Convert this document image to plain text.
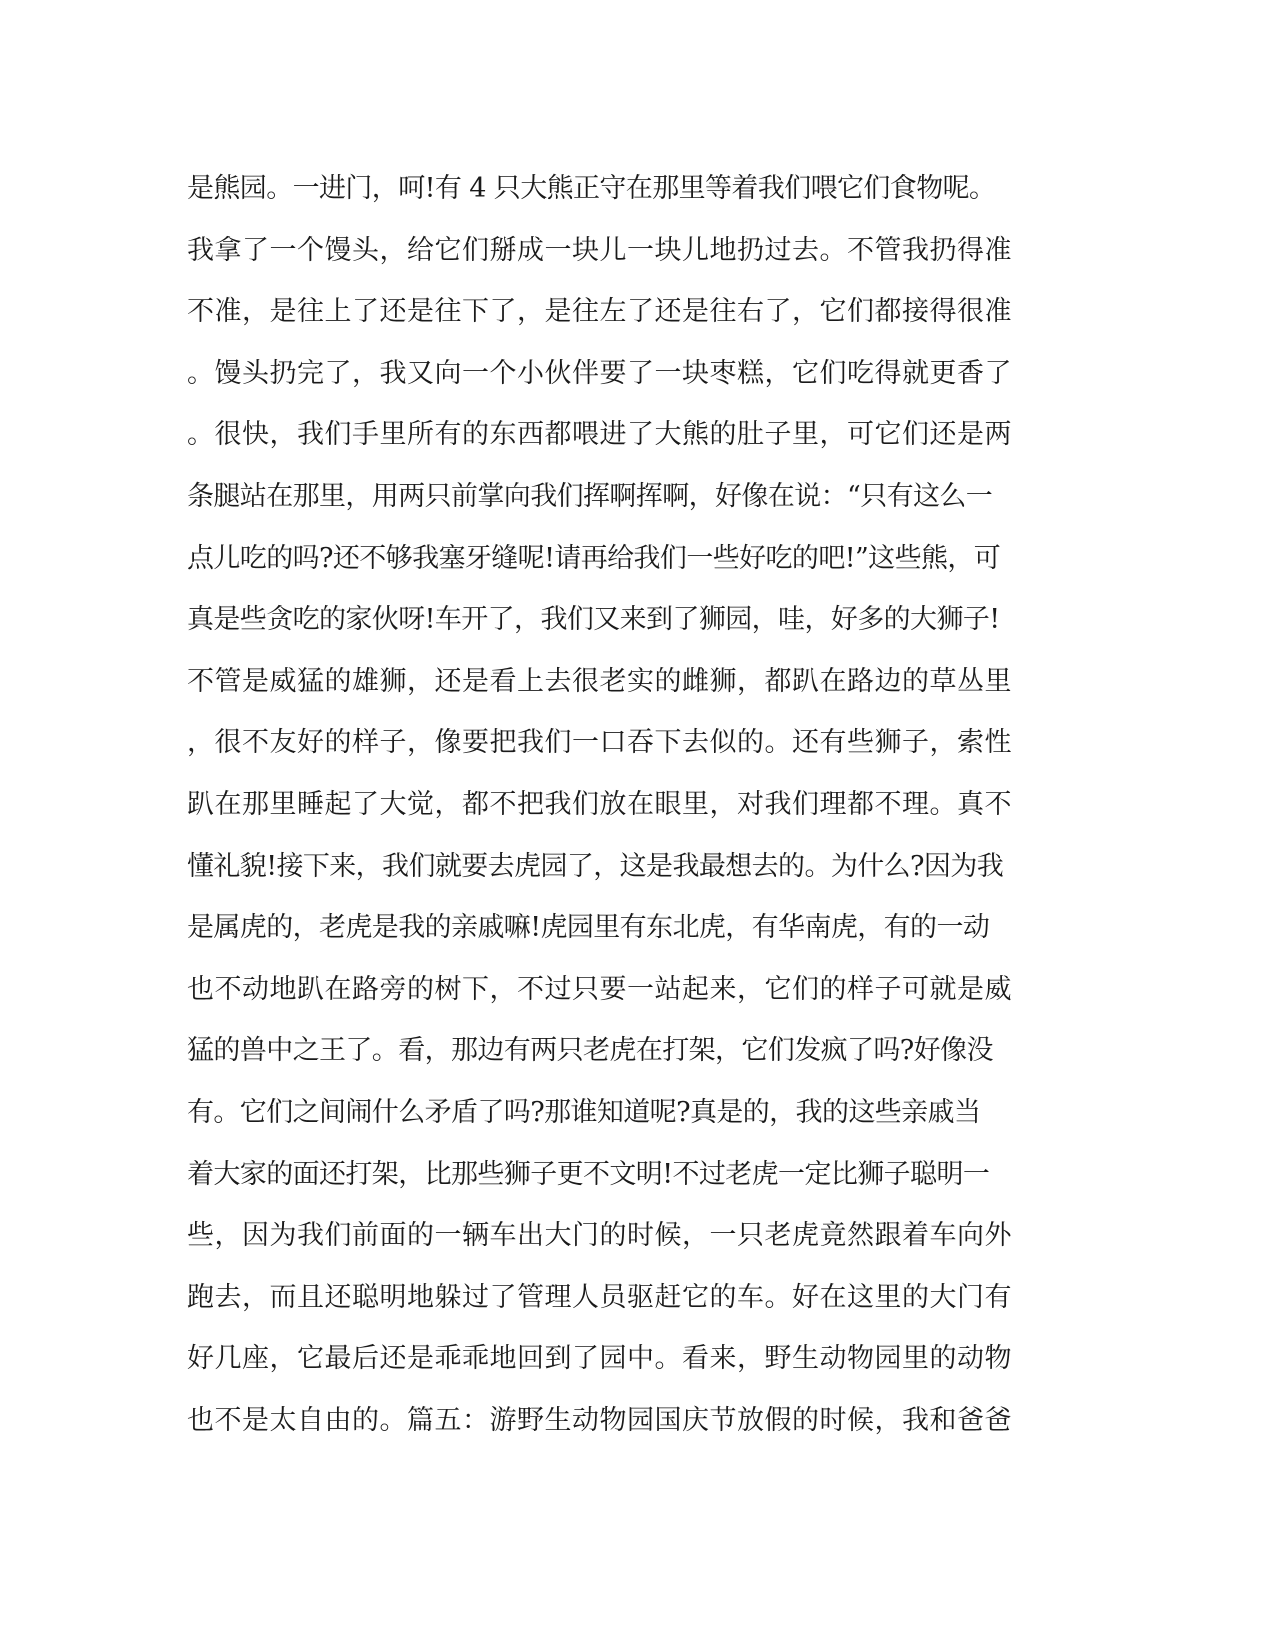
是熊园。一进门，呵!有 4 只大熊正守在那里等着我们喂它们食物呢。
我拿了一个馒头，给它们掰成一块儿一块儿地扔过去。不管我扔得准
不准，是往上了还是往下了，是往左了还是往右了，它们都接得很准
。馒头扔完了，我又向一个小伙伴要了一块枣糕，它们吃得就更香了
。很快，我们手里所有的东西都喂进了大熊的肚子里，可它们还是两
条腿站在那里，用两只前掌向我们挥啊挥啊，好像在说：“只有这么一
点儿吃的吗?还不够我塞牙缝呢!请再给我们一些好吃的吧!”这些熊，可
真是些贪吃的家伙呀!车开了，我们又来到了狮园，哇，好多的大狮子!
不管是威猛的雄狮，还是看上去很老实的雌狮，都趴在路边的草丛里
，很不友好的样子，像要把我们一口吞下去似的。还有些狮子，索性
趴在那里睡起了大觉，都不把我们放在眼里，对我们理都不理。真不
懂礼貌!接下来，我们就要去虎园了，这是我最想去的。为什么?因为我
是属虎的，老虎是我的亲戚嘛!虎园里有东北虎，有华南虎，有的一动
也不动地趴在路旁的树下，不过只要一站起来，它们的样子可就是威
猛的兽中之王了。看，那边有两只老虎在打架，它们发疯了吗?好像没
有。它们之间闹什么矛盾了吗?那谁知道呢?真是的，我的这些亲戚当
着大家的面还打架，比那些狮子更不文明!不过老虎一定比狮子聪明一
些，因为我们前面的一辆车出大门的时候，一只老虎竟然跟着车向外
跑去，而且还聪明地躲过了管理人员驱赶它的车。好在这里的大门有
好几座，它最后还是乖乖地回到了园中。看来，野生动物园里的动物
也不是太自由的。篇五：游野生动物园国庆节放假的时候，我和爸爸
